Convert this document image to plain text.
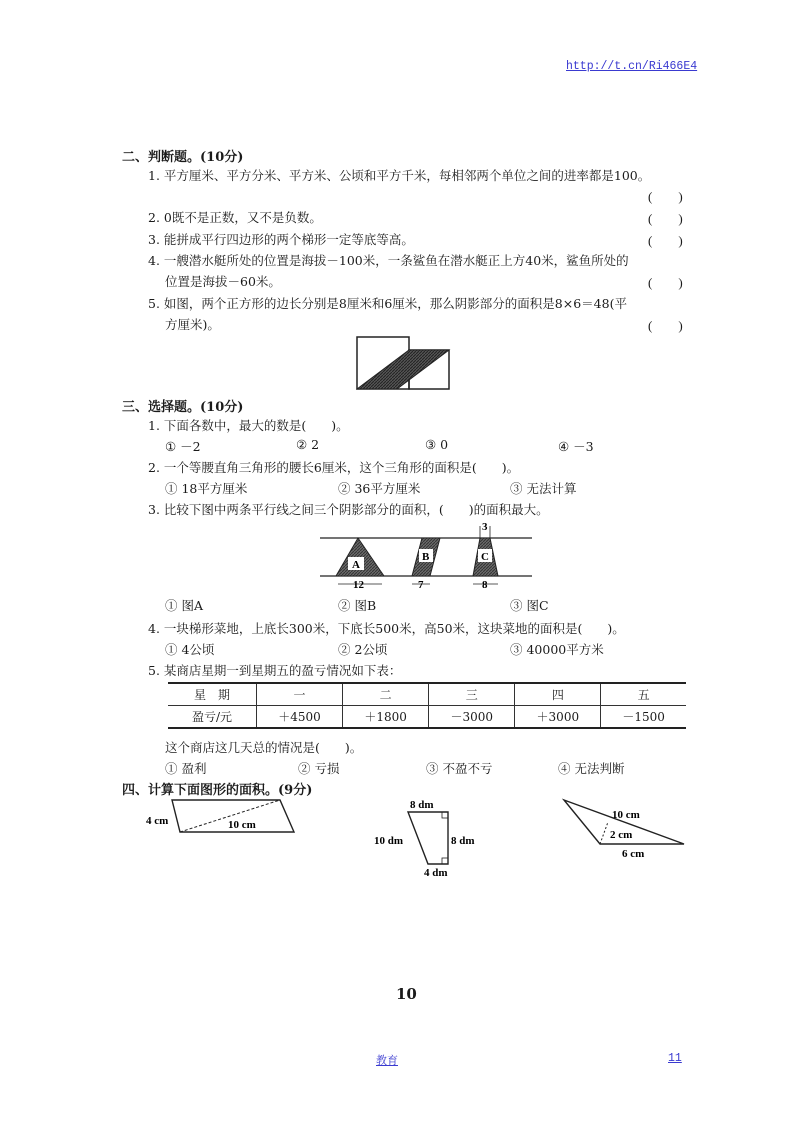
http://t.cn/Ri466E4
二、判断题。(10分)
1. 平方厘米、平方分米、平方米、公顷和平方千米，每相邻两个单位之间的进率都是100。
(　　)
2. 0既不是正数，又不是负数。	(　　)
3. 能拼成平行四边形的两个梯形一定等底等高。	(　　)
4. 一艘潜水艇所处的位置是海拔－100米，一条鲨鱼在潜水艇正上方40米，鲨鱼所处的
位置是海拔－60米。	(　　)
5. 如图，两个正方形的边长分别是8厘米和6厘米，那么阴影部分的面积是8×6＝48(平
方厘米)。	(　　)
三、选择题。(10分)
1. 下面各数中，最大的数是(　　)。
① －2	② 2	③ 0	④ －3
2. 一个等腰直角三角形的腰长6厘米，这个三角形的面积是(　　)。
① 18平方厘米	② 36平方厘米	③ 无法计算
3. 比较下图中两条平行线之间三个阴影部分的面积，(　　)的面积最大。
A
B	C
3
12	7	8
① 图A	② 图B	③ 图C
4. 一块梯形菜地，上底长300米，下底长500米，高50米，这块菜地的面积是(　　)。
① 4公顷	② 2公顷	③ 40000平方米
5. 某商店星期一到星期五的盈亏情况如下表：
星　期	一	二	三	四	五
盈亏/元	＋4500	＋1800	－3000	＋3000	－1500
这个商店这几天总的情况是(　　)。
① 盈利	② 亏损	③ 不盈不亏	④ 无法判断
四、计算下面图形的面积。(9分)
4 cm	10 cm
8 dm
10 dm	8 dm
4 dm
10 cm
2 cm
6 cm
10
教育	11
